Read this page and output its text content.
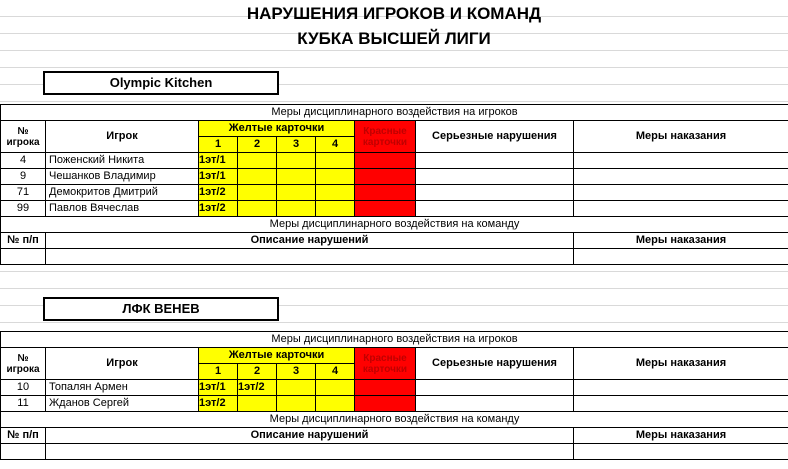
НАРУШЕНИЯ ИГРОКОВ И КОМАНД
КУБКА ВЫСШЕЙ ЛИГИ
Olympic Kitchen
Меры дисциплинарного воздействия на игроков								
№ игрока	Игрок	Желтые карточки				Красные карточки	Серьезные нарушения	Меры наказания
		1	2	3	4			
4	Поженский Никита	1эт/1						
9	Чешанков Владимир	1эт/1						
71	Демокритов Дмитрий	1эт/2						
99	Павлов Вячеслав	1эт/2						
Меры дисциплинарного воздействия на команду								
№ п/п	Описание нарушений							Меры наказания

ЛФК ВЕНЕВ
Меры дисциплинарного воздействия на игроков								
№ игрока	Игрок	Желтые карточки				Красные карточки	Серьезные нарушения	Меры наказания
		1	2	3	4			
10	Топалян Армен	1эт/1	1эт/2					
11	Жданов Сергей	1эт/2						
Меры дисциплинарного воздействия на команду								
№ п/п	Описание нарушений							Меры наказания
